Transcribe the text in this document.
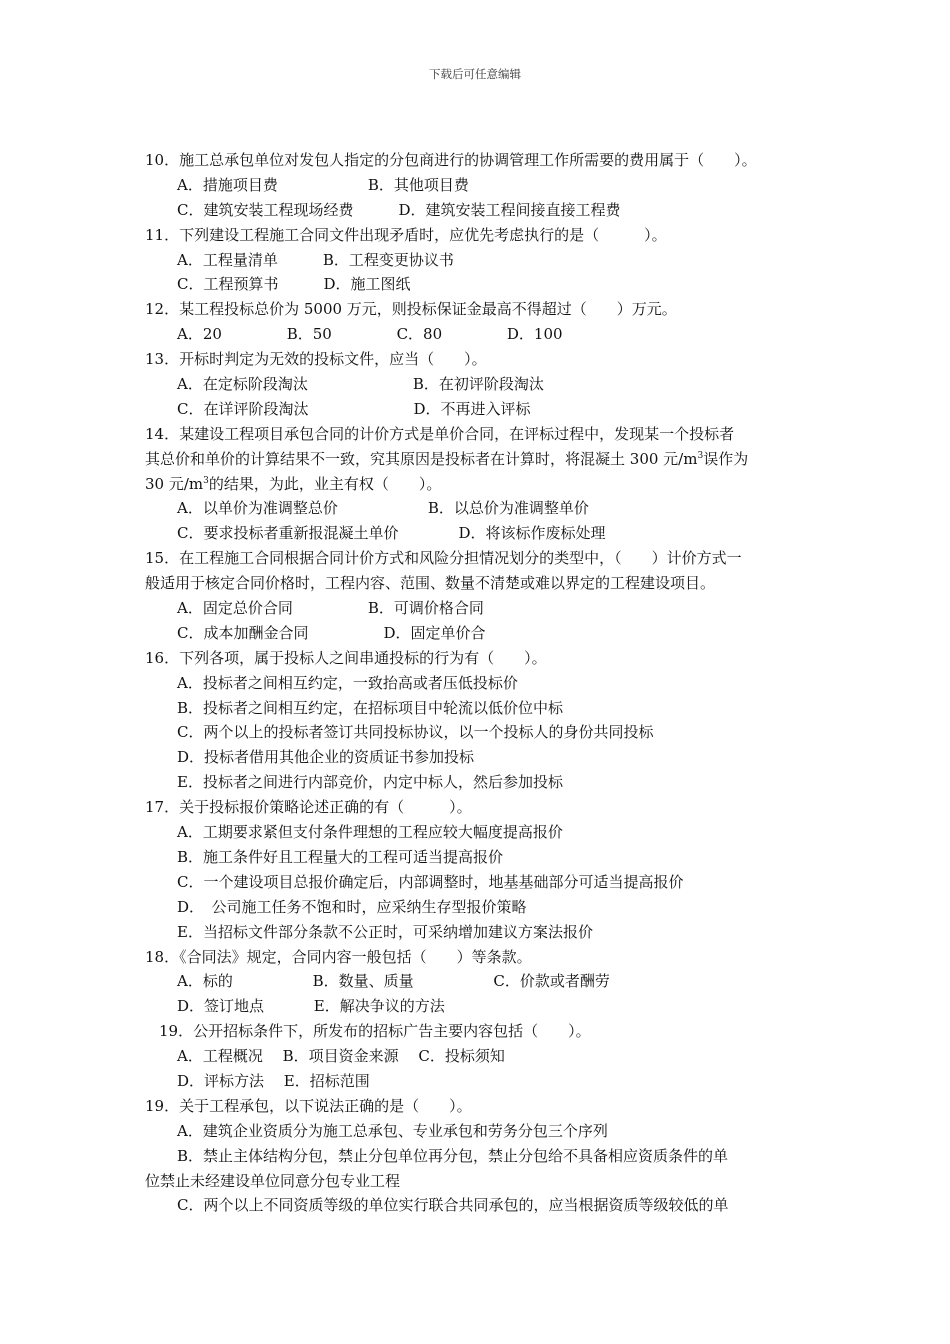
下载后可任意编辑
10．施工总承包单位对发包人指定的分包商进行的协调管理工作所需要的费用属于（　　）。
A．措施项目费　　　　　　B．其他项目费
C．建筑安装工程现场经费　　　D．建筑安装工程间接直接工程费
11．下列建设工程施工合同文件出现矛盾时，应优先考虑执行的是（　　　）。
A．工程量清单　　　B．工程变更协议书
C．工程预算书　　　D．施工图纸
12．某工程投标总价为 5000 万元，则投标保证金最高不得超过（　　）万元。
A．20　　　　 B．50　　　　 C．80　　　　 D．100
13．开标时判定为无效的投标文件，应当（　　）。
A．在定标阶段淘汰　　　　　　　B．在初评阶段淘汰
C．在详评阶段淘汰　　　　　　　D．不再进入评标
14．某建设工程项目承包合同的计价方式是单价合同，在评标过程中，发现某一个投标者
其总价和单价的计算结果不一致，究其原因是投标者在计算时，将混凝土 300 元$/m^3$误作为
30 元$/m^3$的结果，为此，业主有权（　　）。
A．以单价为准调整总价　　　　　　B．以总价为准调整单价
C．要求投标者重新报混凝土单价　　　　D．将该标作废标处理
15．在工程施工合同根据合同计价方式和风险分担情况划分的类型中，（　　）计价方式一
般适用于核定合同价格时，工程内容、范围、数量不清楚或难以界定的工程建设项目。
A．固定总价合同　　　　　B．可调价格合同
C．成本加酬金合同　　　　　D．固定单价合
16．下列各项，属于投标人之间串通投标的行为有（　　）。
A．投标者之间相互约定，一致抬高或者压低投标价
B．投标者之间相互约定，在招标项目中轮流以低价位中标
C．两个以上的投标者签订共同投标协议，以一个投标人的身份共同投标
D．投标者借用其他企业的资质证书参加投标
E．投标者之间进行内部竞价，内定中标人，然后参加投标
17．关于投标报价策略论述正确的有（　　　）。
A．工期要求紧但支付条件理想的工程应较大幅度提高报价
B．施工条件好且工程量大的工程可适当提高报价
C．一个建设项目总报价确定后，内部调整时，地基基础部分可适当提高报价
D．　公司施工任务不饱和时，应采纳生存型报价策略
E．当招标文件部分条款不公正时，可采纳增加建议方案法报价
18．《合同法》规定，合同内容一般包括（　　）等条款。
A．标的　　　　　 B．数量、质量　　　　　 C．价款或者酬劳
D．签订地点　　　 E．解决争议的方法
19．公开招标条件下，所发布的招标广告主要内容包括（　　）。
A．工程概况　 B．项目资金来源　 C．投标须知
D．评标方法　 E．招标范围
19．关于工程承包，以下说法正确的是（　　）。
A．建筑企业资质分为施工总承包、专业承包和劳务分包三个序列
B．禁止主体结构分包，禁止分包单位再分包，禁止分包给不具备相应资质条件的单
位禁止未经建设单位同意分包专业工程
C．两个以上不同资质等级的单位实行联合共同承包的，应当根据资质等级较低的单
